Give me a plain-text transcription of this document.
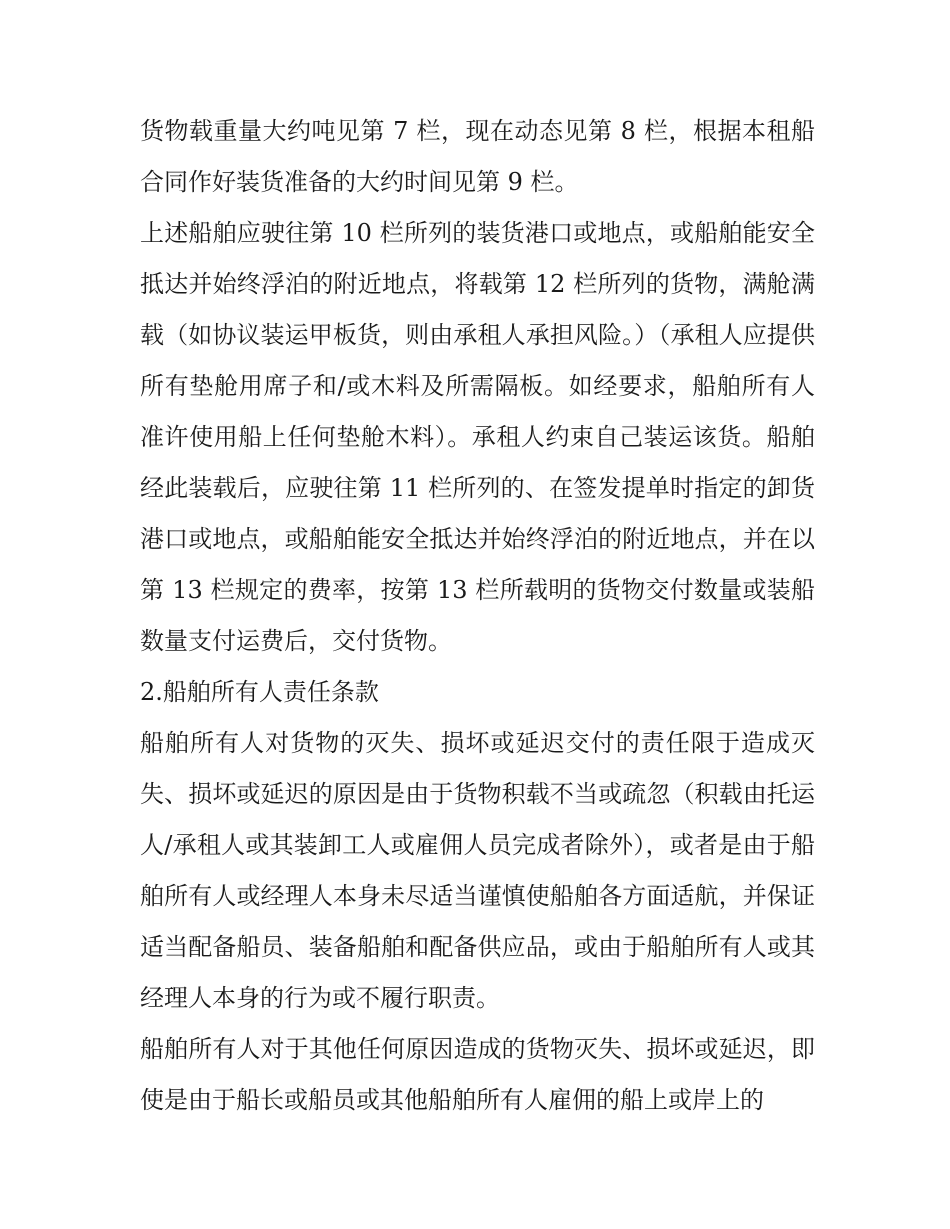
货物载重量大约吨见第 7 栏，现在动态见第 8 栏，根据本租船合同作好装货准备的大约时间见第 9 栏。

上述船舶应驶往第 10 栏所列的装货港口或地点，或船舶能安全抵达并始终浮泊的附近地点，将载第 12 栏所列的货物，满舱满载（如协议装运甲板货，则由承租人承担风险。）（承租人应提供所有垫舱用席子和/或木料及所需隔板。如经要求，船舶所有人准许使用船上任何垫舱木料）。承租人约束自己装运该货。船舶经此装载后，应驶往第 11 栏所列的、在签发提单时指定的卸货港口或地点，或船舶能安全抵达并始终浮泊的附近地点，并在以第 13 栏规定的费率，按第 13 栏所载明的货物交付数量或装船数量支付运费后，交付货物。

2.船舶所有人责任条款

船舶所有人对货物的灭失、损坏或延迟交付的责任限于造成灭失、损坏或延迟的原因是由于货物积载不当或疏忽（积载由托运人/承租人或其装卸工人或雇佣人员完成者除外），或者是由于船舶所有人或经理人本身未尽适当谨慎使船舶各方面适航，并保证适当配备船员、装备船舶和配备供应品，或由于船舶所有人或其经理人本身的行为或不履行职责。

船舶所有人对于其他任何原因造成的货物灭失、损坏或延迟，即使是由于船长或船员或其他船舶所有人雇佣的船上或岸上的
